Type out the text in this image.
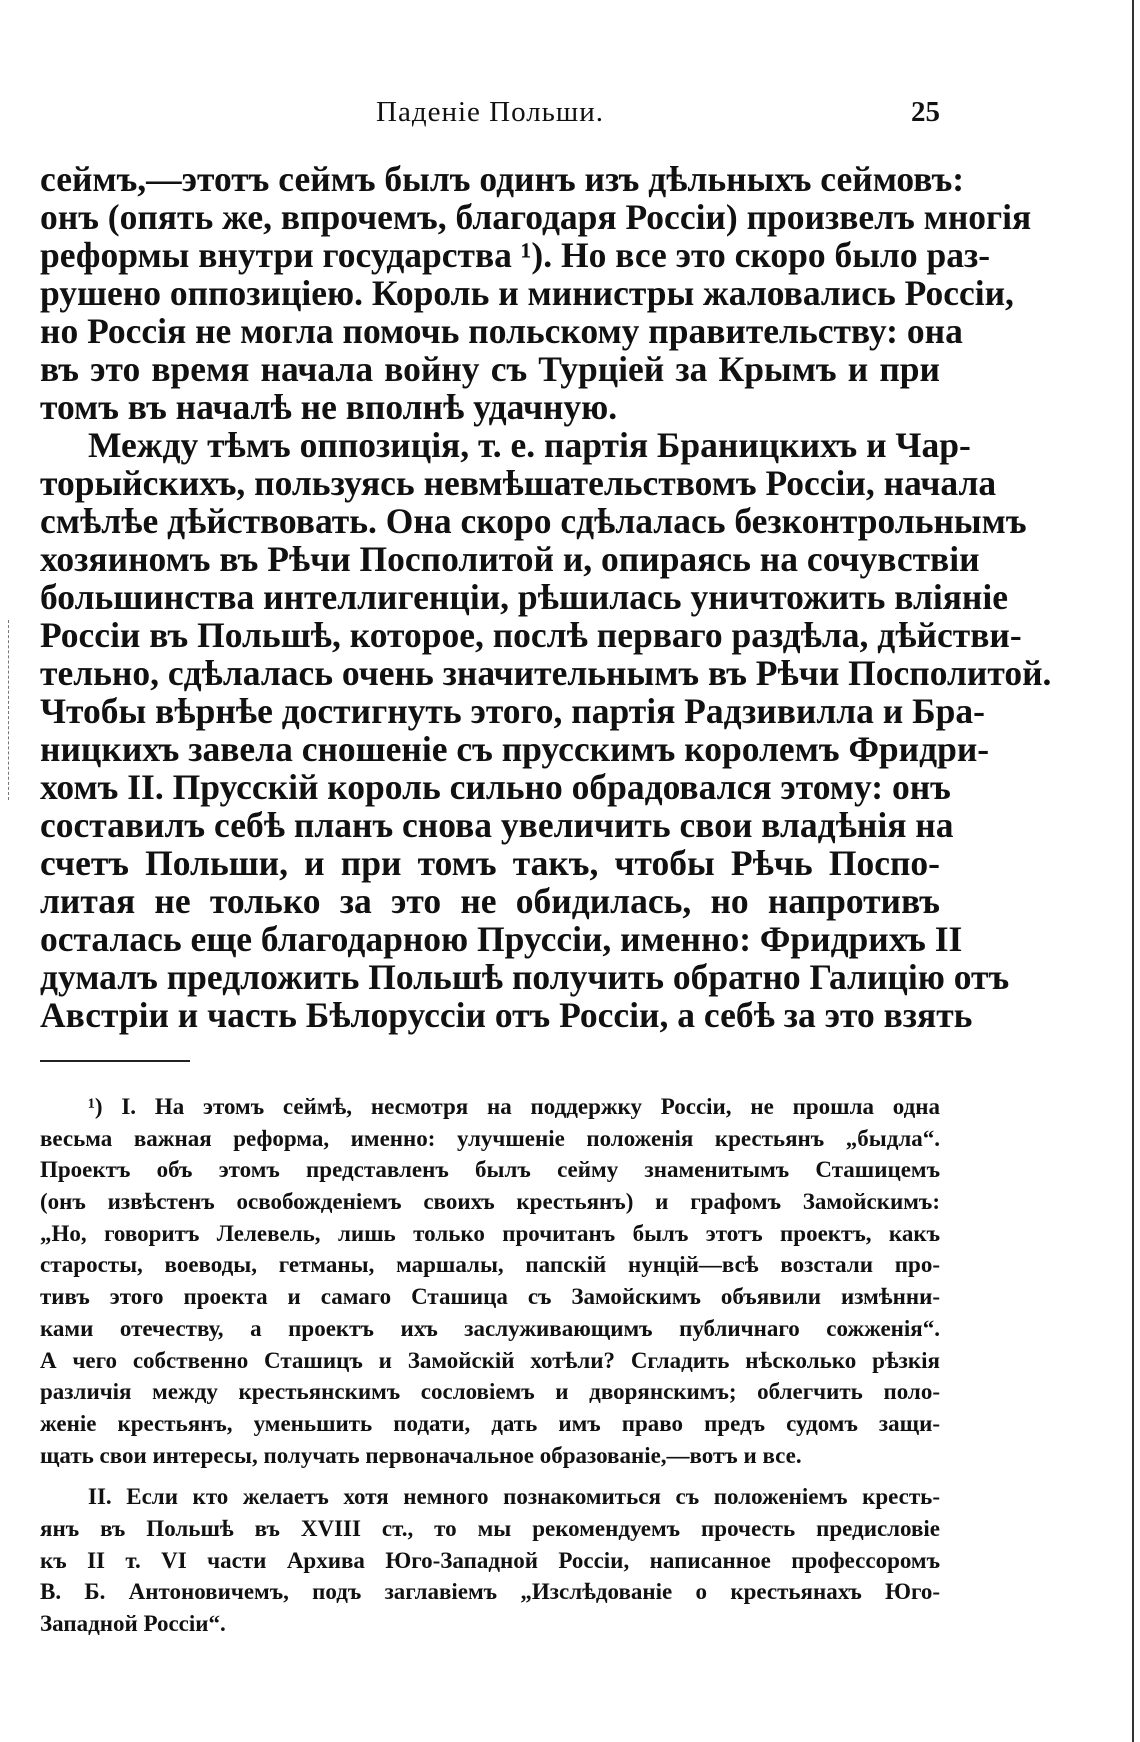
Паденіе Польши.	25
сеймъ,—этотъ сеймъ былъ одинъ изъ дѣльныхъ сеймовъ:
онъ (опять же, впрочемъ, благодаря Россіи) произвелъ многія
реформы внутри государства ¹). Но все это скоро было раз-
рушено оппозиціею. Король и министры жаловались Россіи,
но Россія не могла помочь польскому правительству: она
въ это время начала войну съ Турціей за Крымъ и при
томъ въ началѣ не вполнѣ удачную.
Между тѣмъ оппозиція, т. е. партія Браницкихъ и Чар-
торыйскихъ, пользуясь невмѣшательствомъ Россіи, начала
смѣлѣе дѣйствовать. Она скоро сдѣлалась безконтрольнымъ
хозяиномъ въ Рѣчи Посполитой и, опираясь на сочувствіи
большинства интеллигенціи, рѣшилась уничтожить вліяніе
Россіи въ Польшѣ, которое, послѣ перваго раздѣла, дѣйстви-
тельно, сдѣлалась очень значительнымъ въ Рѣчи Посполитой.
Чтобы вѣрнѣе достигнуть этого, партія Радзивилла и Бра-
ницкихъ завела сношеніе съ прусскимъ королемъ Фридри-
хомъ II. Прусскій король сильно обрадовался этому: онъ
составилъ себѣ планъ снова увеличить свои владѣнія на
счетъ Польши, и при томъ такъ, чтобы Рѣчь Поспо-
литая не только за это не обидилась, но напротивъ
осталась еще благодарною Пруссіи, именно: Фридрихъ II
думалъ предложить Польшѣ получить обратно Галицію отъ
Австріи и часть Бѣлоруссіи отъ Россіи, а себѣ за это взять
¹) I. На этомъ сеймѣ, несмотря на поддержку Россіи, не прошла одна
весьма важная реформа, именно: улучшеніе положенія крестьянъ „быдла“.
Проектъ объ этомъ представленъ былъ сейму знаменитымъ Сташицемъ
(онъ извѣстенъ освобожденіемъ своихъ крестьянъ) и графомъ Замойскимъ:
„Но, говоритъ Лелевель, лишь только прочитанъ былъ этотъ проектъ, какъ
старосты, воеводы, гетманы, маршалы, папскій нунцій—всѣ возстали про-
тивъ этого проекта и самаго Сташица съ Замойскимъ объявили измѣнни-
ками отечеству, а проектъ ихъ заслуживающимъ публичнаго сожженія“.
А чего собственно Сташицъ и Замойскій хотѣли? Сгладить нѣсколько рѣзкія
различія между крестьянскимъ сословіемъ и дворянскимъ; облегчить поло-
женіе крестьянъ, уменьшить подати, дать имъ право предъ судомъ защи-
щать свои интересы, получать первоначальное образованіе,—вотъ и все.
II. Если кто желаетъ хотя немного познакомиться съ положеніемъ кресть-
янъ въ Польшѣ въ XVIII ст., то мы рекомендуемъ прочесть предисловіе
къ II т. VI части Архива Юго-Западной Россіи, написанное профессоромъ
В. Б. Антоновичемъ, подъ заглавіемъ „Изслѣдованіе о крестьянахъ Юго-
Западной Россіи“.
